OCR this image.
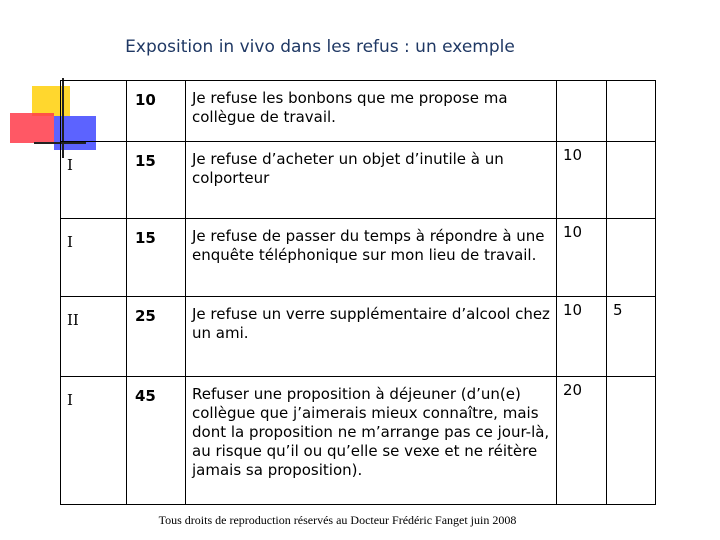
Exposition in vivo dans les refus : un exemple
	10	Je refuse les bonbons que me propose ma collègue de travail.		
I	15	Je refuse d’acheter un objet d’inutile à un colporteur	10	
I	15	Je refuse de passer du temps à répondre à une enquête téléphonique sur mon lieu de travail.	10	
II	25	Je refuse un verre supplémentaire d’alcool chez un ami.	10	5
I	45	Refuser une proposition à déjeuner (d’un(e) collègue que j’aimerais mieux connaître, mais dont la proposition ne m’arrange pas ce jour-là, au risque qu’il ou qu’elle se vexe et ne réitère jamais sa proposition).	20	
Tous droits de reproduction réservés au Docteur Frédéric Fanget juin 2008
